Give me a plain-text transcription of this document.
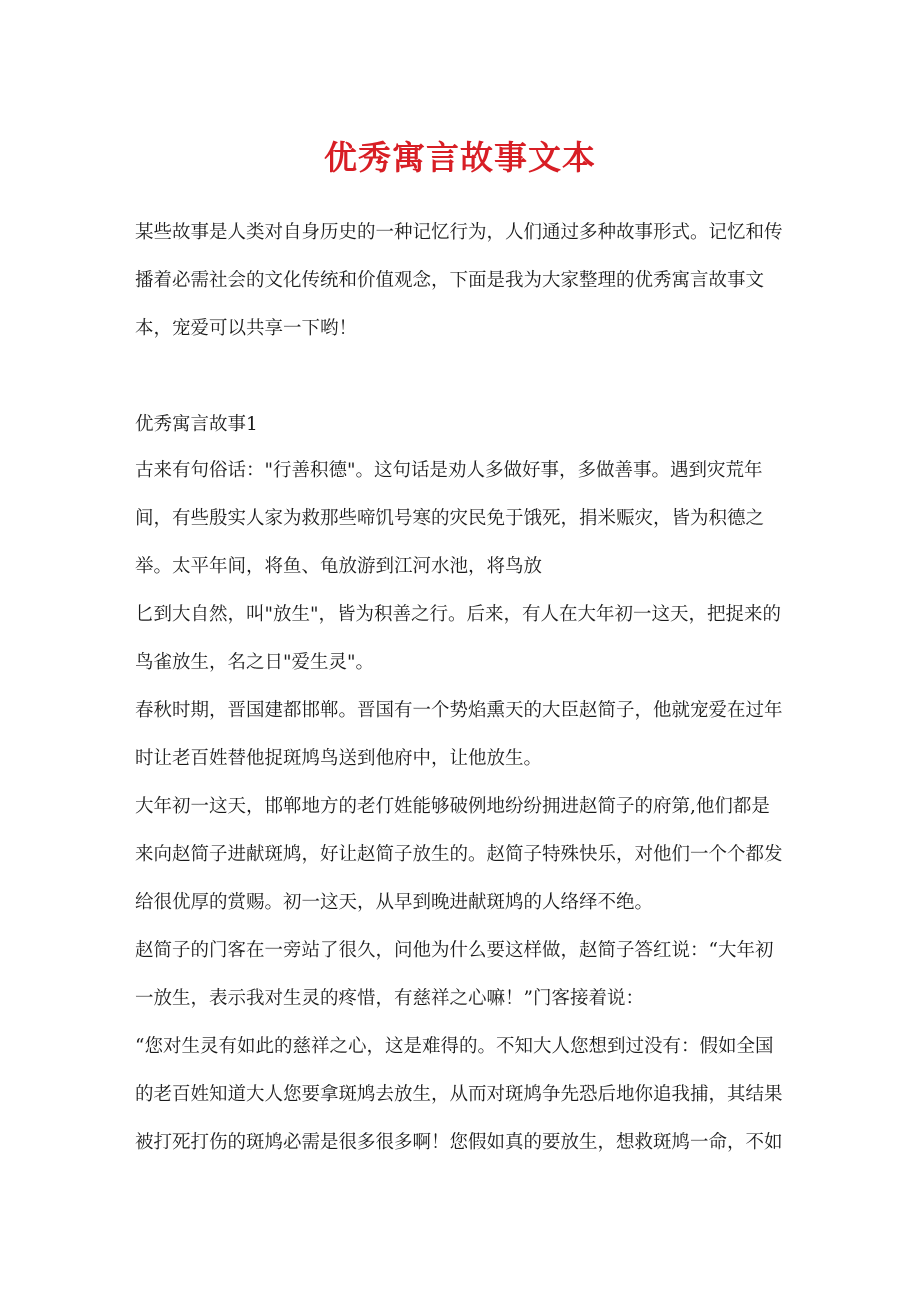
优秀寓言故事文本
某些故事是人类对自身历史的一种记忆行为，人们通过多种故事形式。记忆和传
播着必需社会的文化传统和价值观念，下面是我为大家整理的优秀寓言故事文
本，宠爱可以共享一下哟！
优秀寓言故事1
古来有句俗话："行善积德"。这句话是劝人多做好事，多做善事。遇到灾荒年
间，有些殷实人家为救那些啼饥号寒的灾民免于饿死，捐米赈灾，皆为积德之
举。太平年间，将鱼、龟放游到江河水池，将鸟放
匕到大自然，叫"放生"，皆为积善之行。后来，有人在大年初一这天，把捉来的
鸟雀放生，名之日"爱生灵"。
春秋时期，晋国建都邯郸。晋国有一个势焰熏天的大臣赵简子，他就宠爱在过年
时让老百姓替他捉斑鸠鸟送到他府中，让他放生。
大年初一这天，邯郸地方的老仃姓能够破例地纷纷拥进赵简子的府第,他们都是
来向赵简子进献斑鸠，好让赵简子放生的。赵简子特殊快乐，对他们一个个都发
给很优厚的赏赐。初一这天，从早到晚进献斑鸠的人络绎不绝。
赵简子的门客在一旁站了很久，问他为什么要这样做，赵简子答红说：“大年初
一放生，表示我对生灵的疼惜，有慈祥之心嘛！”门客接着说：
“您对生灵有如此的慈祥之心，这是难得的。不知大人您想到过没有：假如全国
的老百姓知道大人您要拿斑鸠去放生，从而对斑鸠争先恐后地你追我捕，其结果
被打死打伤的斑鸠必需是很多很多啊！您假如真的要放生，想救斑鸠一命，不如
